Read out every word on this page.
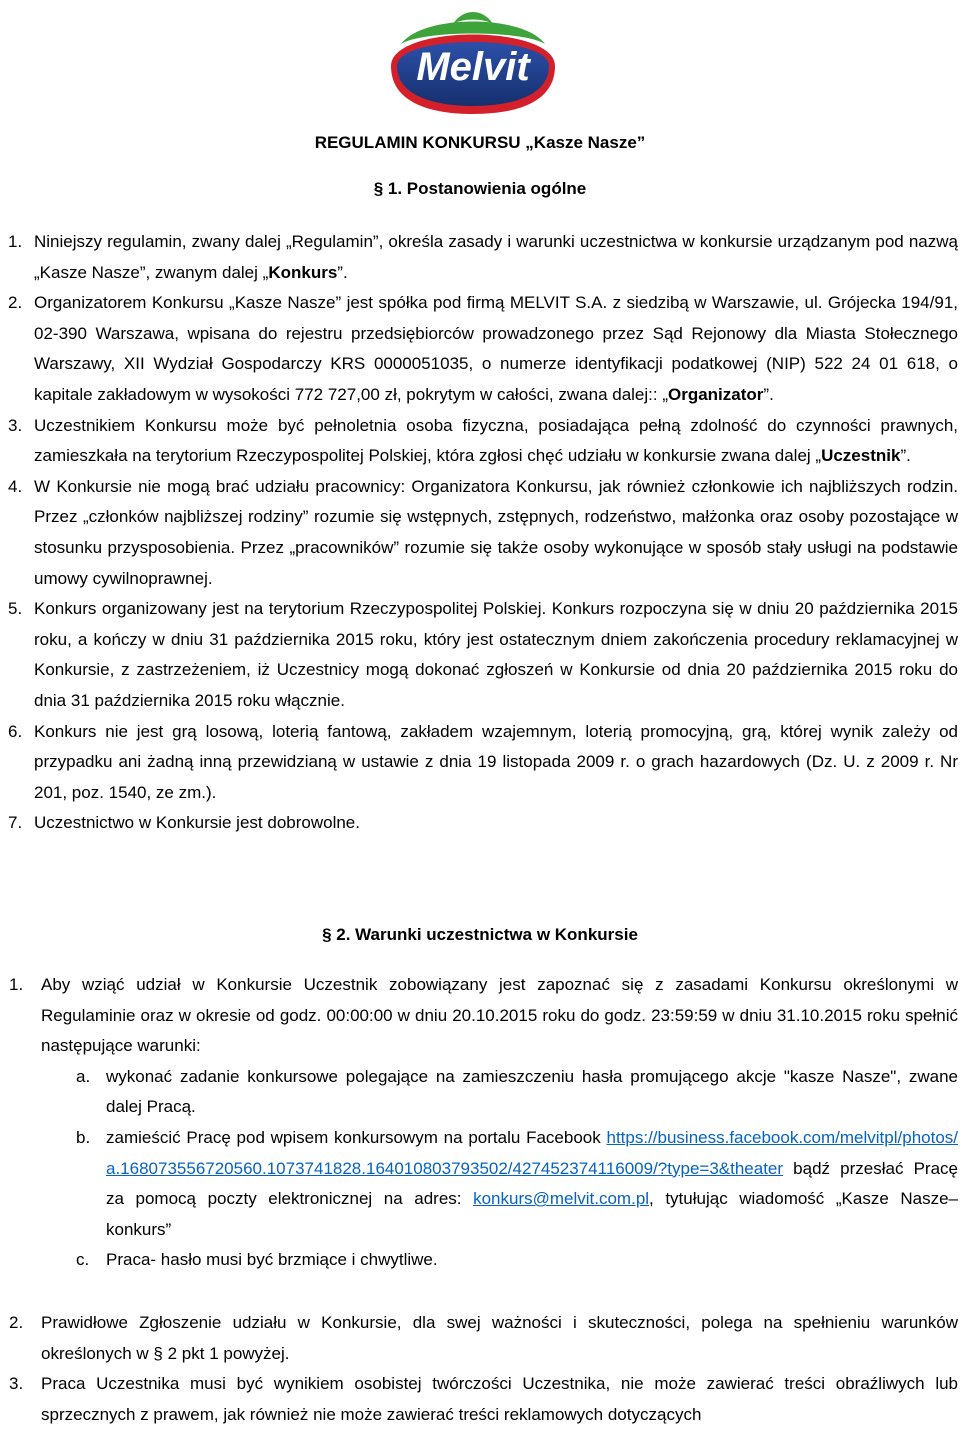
Melvit
REGULAMIN KONKURSU „Kasze Nasze”
§ 1. Postanowienia ogólne
1. Niniejszy regulamin, zwany dalej „Regulamin”, określa zasady i warunki uczestnictwa w konkursie urządzanym pod nazwą „Kasze Nasze”, zwanym dalej „Konkurs”.
2. Organizatorem Konkursu „Kasze Nasze” jest spółka pod firmą MELVIT S.A. z siedzibą w Warszawie, ul. Grójecka 194/91, 02-390 Warszawa, wpisana do rejestru przedsiębiorców prowadzonego przez Sąd Rejonowy dla Miasta Stołecznego Warszawy, XII Wydział Gospodarczy KRS 0000051035, o numerze identyfikacji podatkowej (NIP) 522 24 01 618, o kapitale zakładowym w wysokości 772 727,00 zł, pokrytym w całości, zwana dalej:: „Organizator”.
3. Uczestnikiem Konkursu może być pełnoletnia osoba fizyczna, posiadająca pełną zdolność do czynności prawnych, zamieszkała na terytorium Rzeczypospolitej Polskiej, która zgłosi chęć udziału w konkursie zwana dalej „Uczestnik”.
4. W Konkursie nie mogą brać udziału pracownicy: Organizatora Konkursu, jak również członkowie ich najbliższych rodzin. Przez „członków najbliższej rodziny” rozumie się wstępnych, zstępnych, rodzeństwo, małżonka oraz osoby pozostające w stosunku przysposobienia. Przez „pracowników” rozumie się także osoby wykonujące w sposób stały usługi na podstawie umowy cywilnoprawnej.
5. Konkurs organizowany jest na terytorium Rzeczypospolitej Polskiej. Konkurs rozpoczyna się w dniu 20 października 2015 roku, a kończy w dniu 31 października 2015 roku, który jest ostatecznym dniem zakończenia procedury reklamacyjnej w Konkursie, z zastrzeżeniem, iż Uczestnicy mogą dokonać zgłoszeń w Konkursie od dnia 20 października 2015 roku do dnia 31 października 2015 roku włącznie.
6. Konkurs nie jest grą losową, loterią fantową, zakładem wzajemnym, loterią promocyjną, grą, której wynik zależy od przypadku ani żadną inną przewidzianą w ustawie z dnia 19 listopada 2009 r. o grach hazardowych (Dz. U. z 2009 r. Nr 201, poz. 1540, ze zm.).
7. Uczestnictwo w Konkursie jest dobrowolne.
§ 2. Warunki uczestnictwa w Konkursie
1. Aby wziąć udział w Konkursie Uczestnik zobowiązany jest zapoznać się z zasadami Konkursu określonymi w Regulaminie oraz w okresie od godz. 00:00:00 w dniu 20.10.2015 roku do godz. 23:59:59 w dniu 31.10.2015 roku spełnić następujące warunki:
a. wykonać zadanie konkursowe polegające na zamieszczeniu hasła promującego akcje "kasze Nasze", zwane dalej Pracą.
b. zamieścić Pracę pod wpisem konkursowym na portalu Facebook https://business.facebook.com/melvitpl/photos/a.168073556720560.1073741828.164010803793502/427452374116009/?type=3&theater bądź przesłać Pracę za pomocą poczty elektronicznej na adres: konkurs@melvit.com.pl, tytułując wiadomość „Kasze Nasze– konkurs”
c. Praca- hasło musi być brzmiące i chwytliwe.
2. Prawidłowe Zgłoszenie udziału w Konkursie, dla swej ważności i skuteczności, polega na spełnieniu warunków określonych w § 2 pkt 1 powyżej.
3. Praca Uczestnika musi być wynikiem osobistej twórczości Uczestnika, nie może zawierać treści obraźliwych lub sprzecznych z prawem, jak również nie może zawierać treści reklamowych dotyczących
